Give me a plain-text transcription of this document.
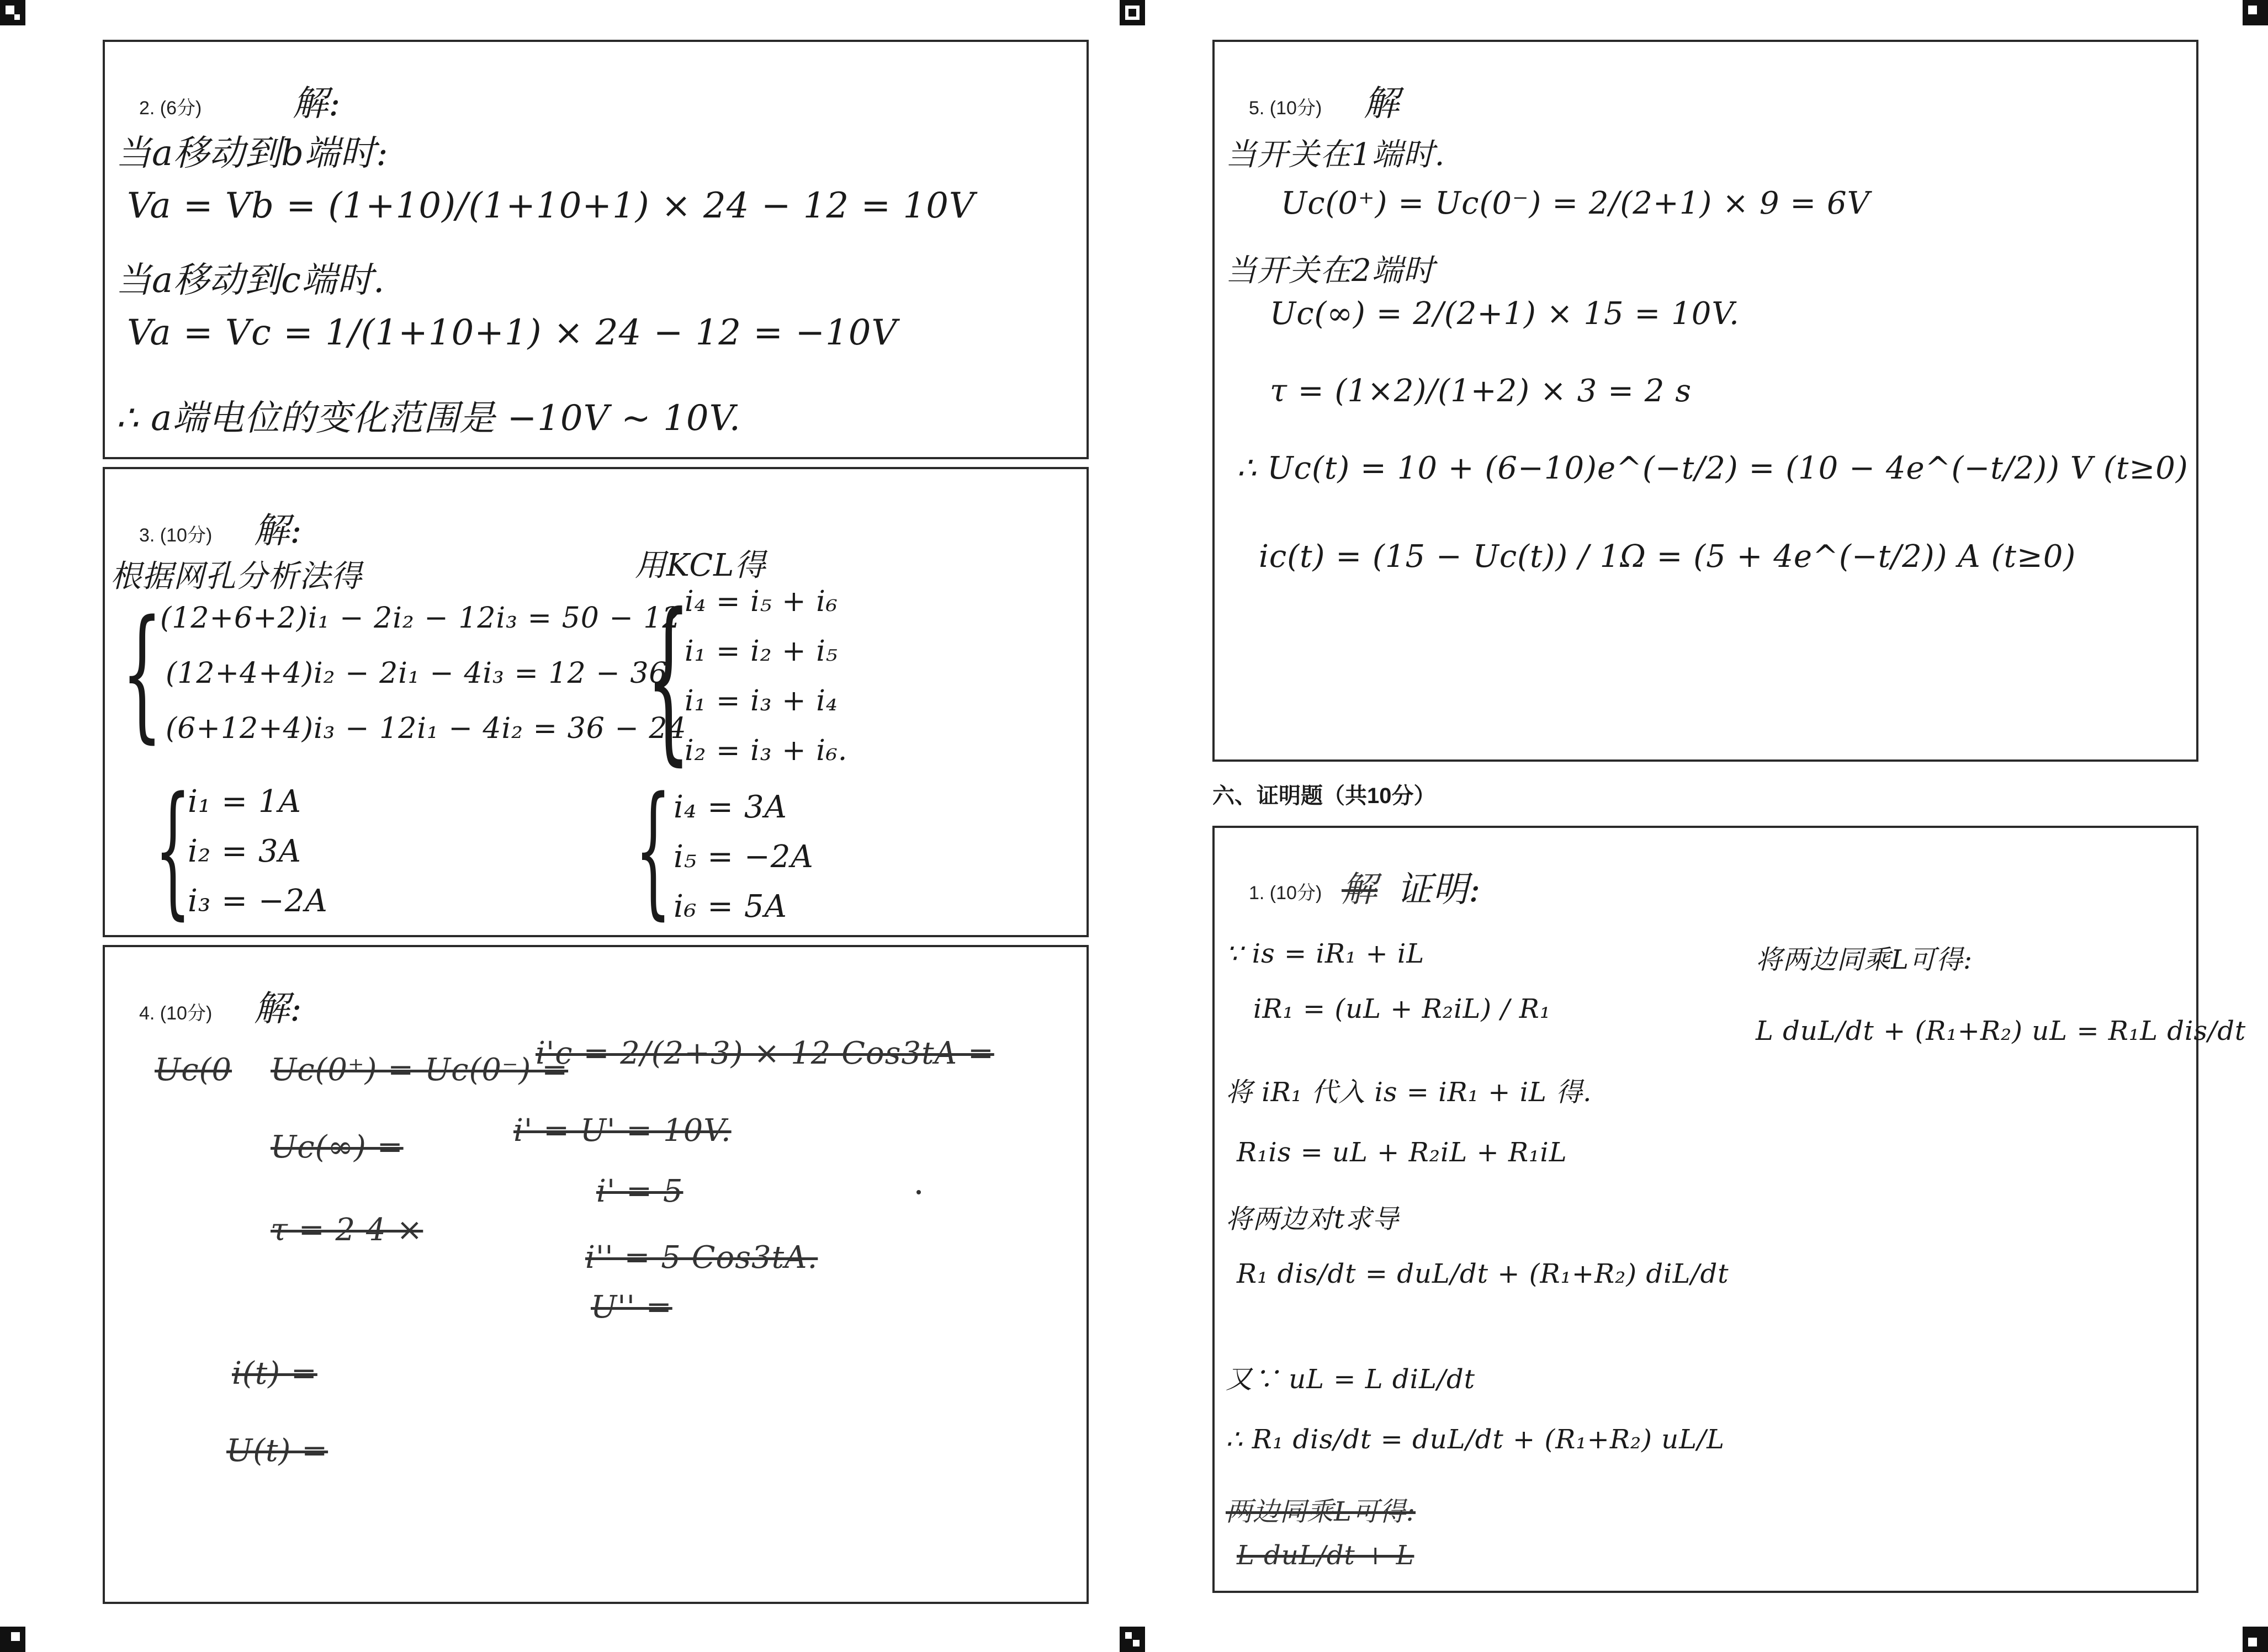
2. (6分)	解:
当a移动到b端时:
Va = Vb = (1+10)/(1+10+1) × 24 − 12 = 10V
当a移动到c端时.
Va = Vc = 1/(1+10+1) × 24 − 12 = −10V
∴ a端电位的变化范围是 −10V ~ 10V.
3. (10分) 解:
根据网孔分析法得	用KCL得
{
(12+6+2)i₁ − 2i₂ − 12i₃ = 50 − 12
(12+4+4)i₂ − 2i₁ − 4i₃ = 12 − 36
(6+12+4)i₃ − 12i₁ − 4i₂ = 36 − 24
{
i₄ = i₅ + i₆
i₁ = i₂ + i₅
i₁ = i₃ + i₄
i₂ = i₃ + i₆.
{
i₁ = 1A
i₂ = 3A
i₃ = −2A { i₄ = 3A
i₅ = −2A
i₆ = 5A
4. (10分) 解:
Uc(0 Uc(0⁺) = Uc(0⁻) =
i'c = 2/(2+3) × 12 Cos3tA =
Uc(∞) =	i' = U' = 10V.
i' = 5
τ = 2 4 ×
i'' = 5 Cos3tA.
U'' =
i(t) =
U(t) =
5. (10分) 解
当开关在1端时.
Uc(0⁺) = Uc(0⁻) = 2/(2+1) × 9 = 6V
当开关在2端时
Uc(∞) = 2/(2+1) × 15 = 10V.
τ = (1×2)/(1+2) × 3 = 2 s
∴ Uc(t) = 10 + (6−10)e^(−t/2) = (10 − 4e^(−t/2)) V (t≥0)
ic(t) = (15 − Uc(t)) / 1Ω = (5 + 4e^(−t/2)) A (t≥0)
六、证明题（共10分）
1. (10分) 解 证明:
∵ is = iR₁ + iL
iR₁ = (uL + R₂iL) / R₁
将 iR₁ 代入 is = iR₁ + iL 得.
R₁is = uL + R₂iL + R₁iL
将两边对t求导
R₁ dis/dt = duL/dt + (R₁+R₂) diL/dt
又∵ uL = L diL/dt
∴ R₁ dis/dt = duL/dt + (R₁+R₂) uL/L
两边同乘L可得:
L duL/dt + L
将两边同乘L可得:
L duL/dt + (R₁+R₂) uL = R₁L dis/dt
